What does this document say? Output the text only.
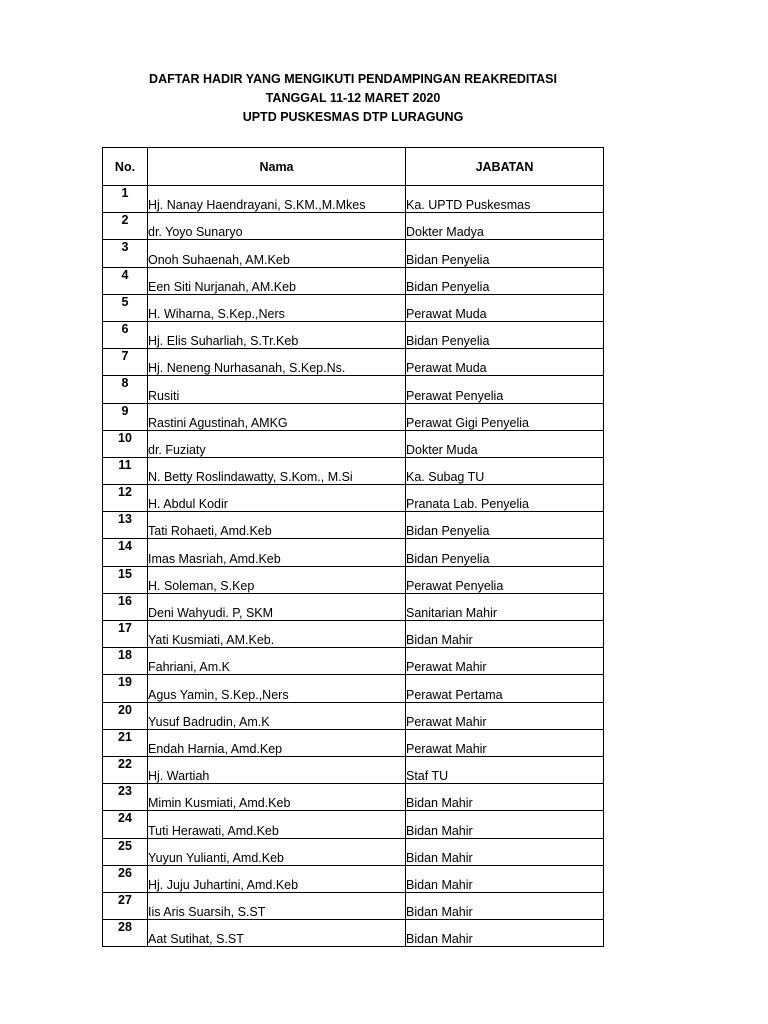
DAFTAR HADIR YANG MENGIKUTI PENDAMPINGAN REAKREDITASI
TANGGAL 11-12 MARET 2020
UPTD PUSKESMAS DTP LURAGUNG
No.	Nama	JABATAN
1	Hj. Nanay Haendrayani, S.KM.,M.Mkes	Ka. UPTD Puskesmas
2	dr. Yoyo Sunaryo	Dokter Madya
3	Onoh Suhaenah, AM.Keb	Bidan Penyelia
4	Een Siti Nurjanah, AM.Keb	Bidan Penyelia
5	H. Wiharna, S.Kep.,Ners	Perawat Muda
6	Hj. Elis Suharliah, S.Tr.Keb	Bidan Penyelia
7	Hj. Neneng Nurhasanah, S.Kep.Ns.	Perawat Muda
8	Rusiti	Perawat Penyelia
9	Rastini Agustinah, AMKG	Perawat Gigi Penyelia
10	dr. Fuziaty	Dokter Muda
11	N. Betty Roslindawatty, S.Kom., M.Si	Ka. Subag TU
12	H. Abdul Kodir	Pranata Lab. Penyelia
13	Tati Rohaeti, Amd.Keb	Bidan Penyelia
14	Imas Masriah, Amd.Keb	Bidan Penyelia
15	H. Soleman, S.Kep	Perawat Penyelia
16	Deni Wahyudi. P, SKM	Sanitarian Mahir
17	Yati Kusmiati, AM.Keb.	Bidan Mahir
18	Fahriani, Am.K	Perawat Mahir
19	Agus Yamin, S.Kep.,Ners	Perawat Pertama
20	Yusuf Badrudin, Am.K	Perawat Mahir
21	Endah Harnia, Amd.Kep	Perawat Mahir
22	Hj. Wartiah	Staf TU
23	Mimin Kusmiati, Amd.Keb	Bidan Mahir
24	Tuti Herawati, Amd.Keb	Bidan Mahir
25	Yuyun Yulianti, Amd.Keb	Bidan Mahir
26	Hj. Juju Juhartini, Amd.Keb	Bidan Mahir
27	Iis Aris Suarsih, S.ST	Bidan Mahir
28	Aat Sutihat, S.ST	Bidan Mahir
